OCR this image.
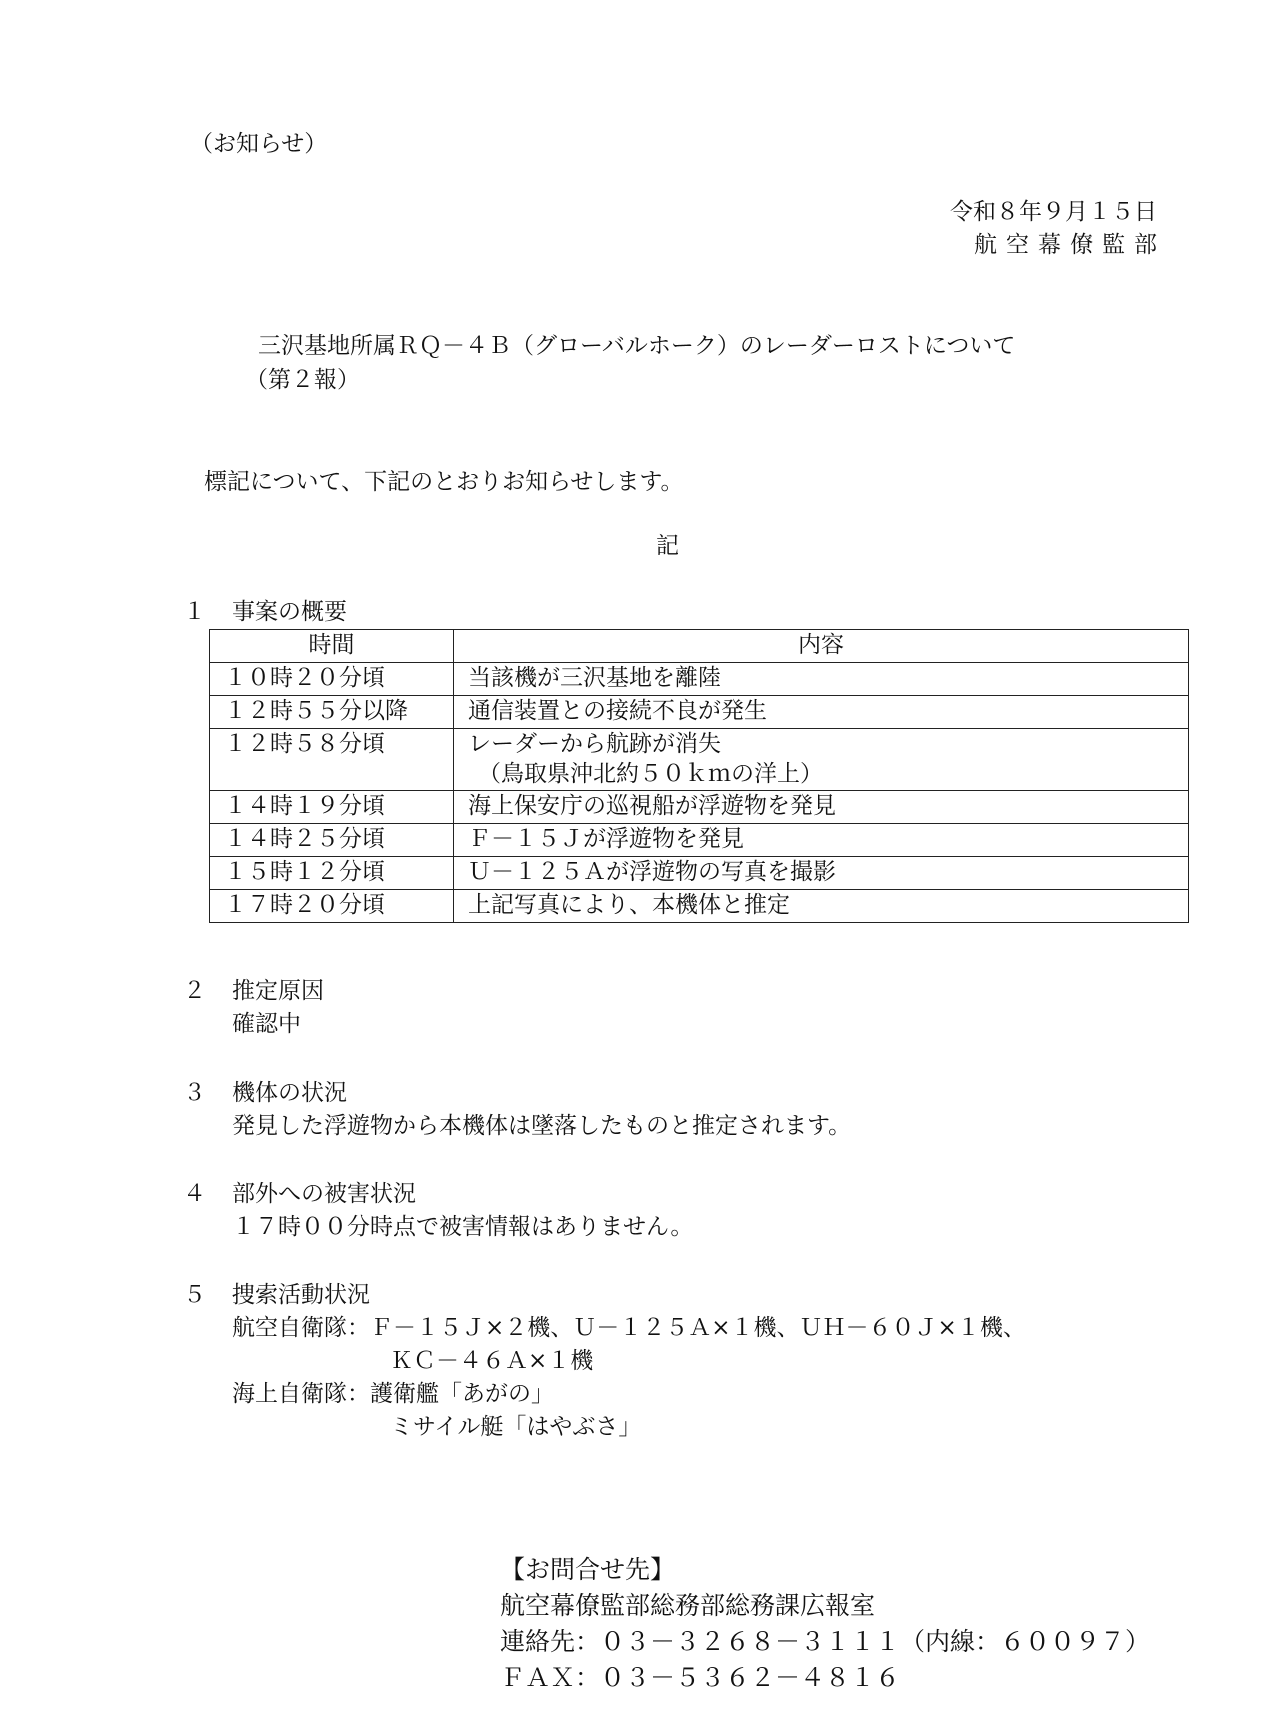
（お知らせ）
令和８年９月１５日
航空幕僚監部
三沢基地所属ＲＱ－４Ｂ（グローバルホーク）のレーダーロストについて
（第２報）
標記について、下記のとおりお知らせします。
記
１ 事案の概要
時間	内容
１０時２０分頃	当該機が三沢基地を離陸
１２時５５分以降	通信装置との接続不良が発生
１２時５８分頃	レーダーから航跡が消失
（鳥取県沖北約５０ｋｍの洋上）

１４時１９分頃	海上保安庁の巡視船が浮遊物を発見
１４時２５分頃	Ｆ－１５Ｊが浮遊物を発見
１５時１２分頃	Ｕ－１２５Ａが浮遊物の写真を撮影
１７時２０分頃	上記写真により、本機体と推定
２ 推定原因
確認中
３ 機体の状況
発見した浮遊物から本機体は墜落したものと推定されます。
４ 部外への被害状況
１７時００分時点で被害情報はありません。
５ 捜索活動状況
航空自衛隊：Ｆ－１５Ｊ×２機、Ｕ－１２５Ａ×１機、ＵＨ－６０Ｊ×１機、
ＫＣ－４６Ａ×１機
海上自衛隊：護衛艦「あがの」
ミサイル艇「はやぶさ」
【お問合せ先】
航空幕僚監部総務部総務課広報室
連絡先：０３－３２６８－３１１１（内線：６００９７）
ＦＡＸ：０３－５３６２－４８１６
